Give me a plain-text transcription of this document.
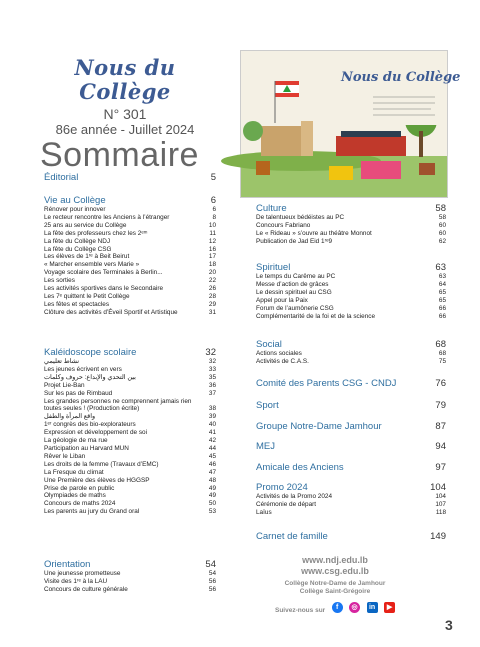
Nous du Collège
N° 301
86e année - Juillet 2024
Nous du Collège
Sommaire
Éditorial	5
Vie au Collège	6
Rénover pour innover	6
Le recteur rencontre les Anciens à l’étranger	8
25 ans au service du Collège	10
La fête des professeurs chez les 2ᵉᵐ	11
La fête du Collège NDJ	12
La fête du Collège CSG	16
Les élèves de 1ʳᵉ à Beit Beirut	17
« Marcher ensemble vers Marie »	18
Voyage scolaire des Terminales à Berlin...	20
Les sorties	22
Les activités sportives dans le Secondaire	26
Les 7ᵉ quittent le Petit Collège	28
Les fêtes et spectacles	29
Clôture des activités d’Éveil Sportif et Artistique	31
Kaléidoscope scolaire	32
نشاط تعليمي	32
Les jeunes écrivent en vers	33
بين التحدي والإبداع: حروف وكلمات	35
Projet Lie-Ban	36
Sur les pas de Rimbaud	37
Les grandes personnes ne comprennent jamais rien toutes seules ! (Production écrite)	38
واقع المرأة والطفل	39
1ᵉʳ congrès des bio-explorateurs	40
Expression et développement de soi	41
La géologie de ma rue	42
Participation au Harvard MUN	44
Rêver le Liban	45
Les droits de la femme (Travaux d’EMC)	46
La Fresque du climat	47
Une Première des élèves de HGGSP	48
Prise de parole en public	49
Olympiades de maths	49
Concours de maths 2024	50
Les parents au jury du Grand oral	53
Orientation	54
Une jeunesse prometteuse	54
Visite des 1ʳᵉ à la LAU	56
Concours de culture générale	56
Culture	58
De talentueux bédéistes au PC	58
Concours Fabriano	60
Le « Rideau » s’ouvre au théâtre Monnot	60
Publication de Jad Eid 1ʳᵉ9	62
Spirituel	63
Le temps du Carême au PC	63
Messe d’action de grâces	64
Le dessin spirituel au CSG	65
Appel pour la Paix	65
Forum de l’aumônerie CSG	66
Complémentarité de la foi et de la science	66
Social	68
Actions sociales	68
Activités de C.A.S.	75
Comité des Parents CSG - CNDJ	76
Sport	79
Groupe Notre-Dame Jamhour	87
MEJ	94
Amicale des Anciens	97
Promo 2024	104
Activités de la Promo 2024	104
Cérémonie de départ	107
Laïus	118
Carnet de famille	149
www.ndj.edu.lb
www.csg.edu.lb
Collège Notre-Dame de Jamhour
Collège Saint-Grégoire
Suivez-nous sur f ◎ in ▶
3
